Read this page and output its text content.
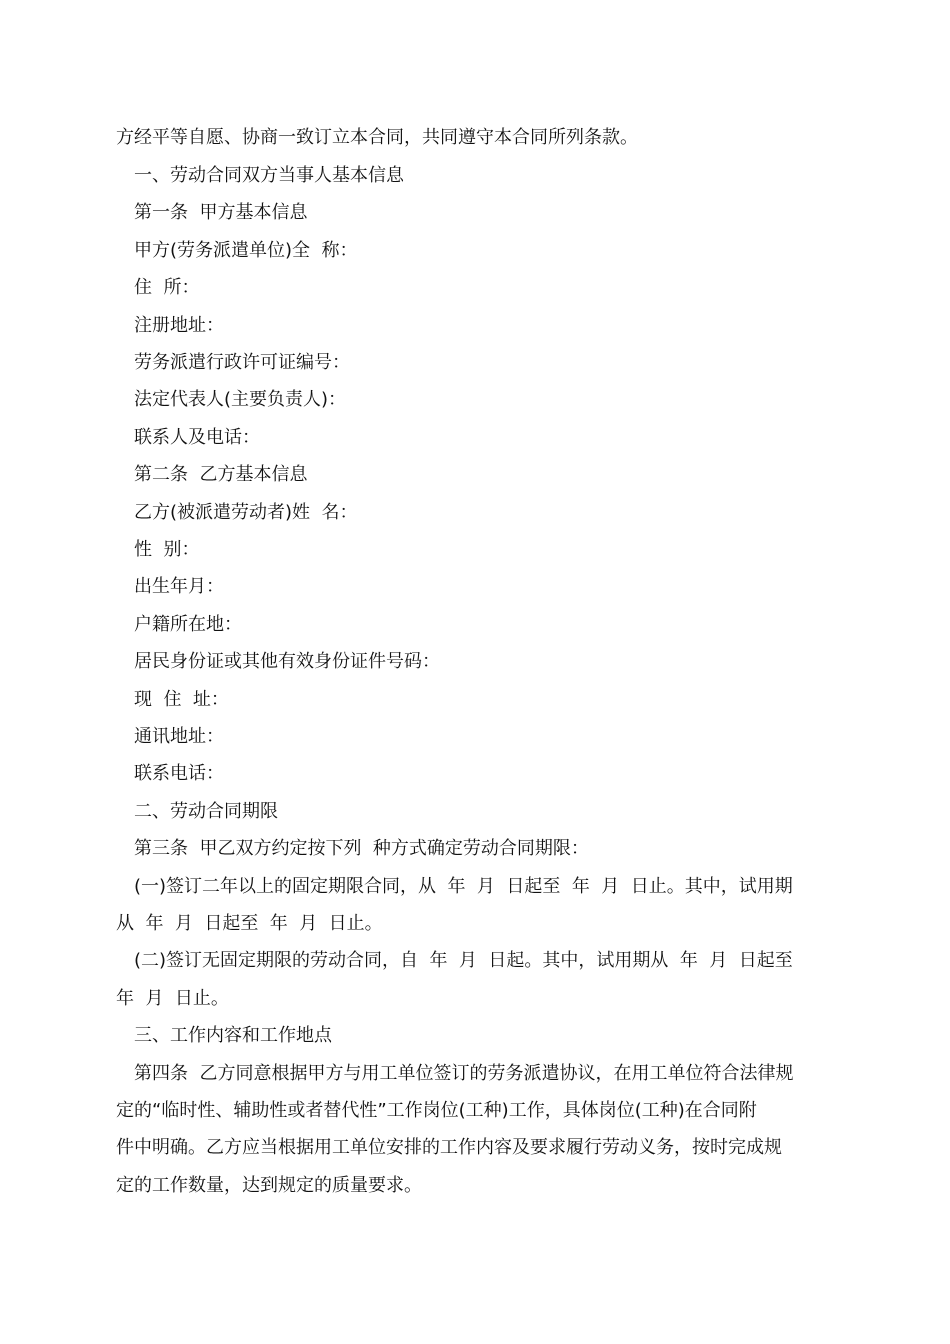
方经平等自愿、协商一致订立本合同，共同遵守本合同所列条款。
一、劳动合同双方当事人基本信息
第一条  甲方基本信息
甲方(劳务派遣单位)全  称：
住  所：
注册地址：
劳务派遣行政许可证编号：
法定代表人(主要负责人)：
联系人及电话：
第二条  乙方基本信息
乙方(被派遣劳动者)姓  名：
性  别：
出生年月：
户籍所在地：
居民身份证或其他有效身份证件号码：
现  住  址：
通讯地址：
联系电话：
二、劳动合同期限
第三条  甲乙双方约定按下列  种方式确定劳动合同期限：
(一)签订二年以上的固定期限合同，从  年  月  日起至  年  月  日止。其中，试用期
从  年  月  日起至  年  月  日止。
(二)签订无固定期限的劳动合同，自  年  月  日起。其中，试用期从  年  月  日起至
年  月  日止。
三、工作内容和工作地点
第四条  乙方同意根据甲方与用工单位签订的劳务派遣协议，在用工单位符合法律规
定的“临时性、辅助性或者替代性”工作岗位(工种)工作，具体岗位(工种)在合同附
件中明确。乙方应当根据用工单位安排的工作内容及要求履行劳动义务，按时完成规
定的工作数量，达到规定的质量要求。
